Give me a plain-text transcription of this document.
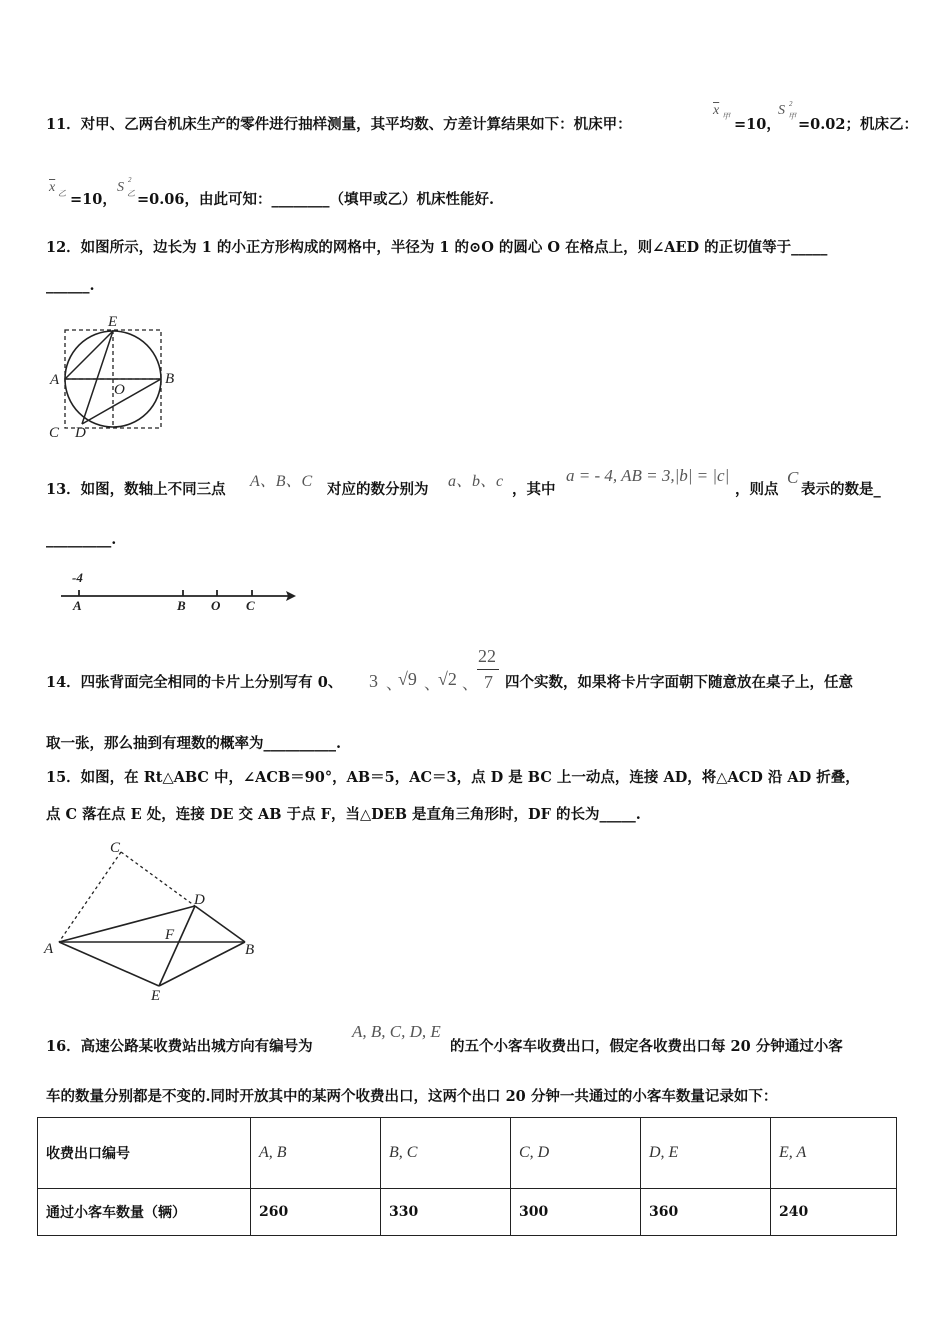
11．对甲、乙两台机床生产的零件进行抽样测量，其平均数、方差计算结果如下：机床甲：
$\overline{x}$ 甲 =10，
S 2
甲 =0.02；机床乙：
$\overline{x}$ 乙 =10，
S 2
乙 =0.06，由此可知：________（填甲或乙）机床性能好.
12．如图所示，边长为 1 的小正方形构成的网格中，半径为 1 的⊙O 的圆心 O 在格点上，则∠AED 的正切值等于_____
______.
E
A
O
B
C D
13．如图，数轴上不同三点 A、B、C 对应的数分别为 a、b、c ，其中
a = - 4, AB = 3,|b| = |c|
，则点
C
表示的数是_
_________.
-4
A	B O C
14．四张背面完全相同的卡片上分别写有 0、 3 、
√9 、
√2 、
22
7 四个实数，如果将卡片字面朝下随意放在桌子上，任意
取一张，那么抽到有理数的概率为__________.
15．如图，在 Rt△ABC 中，∠ACB＝90°，AB＝5，AC＝3，点 D 是 BC 上一动点，连接 AD，将△ACD 沿 AD 折叠，
点 C 落在点 E 处，连接 DE 交 AB 于点 F，当△DEB 是直角三角形时，DF 的长为_____.
C
D
F
A	B
E
16．高速公路某收费站出城方向有编号为
A, B, C, D, E
的五个小客车收费出口，假定各收费出口每 20 分钟通过小客
车的数量分别都是不变的.同时开放其中的某两个收费出口，这两个出口 20 分钟一共通过的小客车数量记录如下：
收费出口编号	A, B	B, C	C, D	D, E	E, A
通过小客车数量（辆）	260	330	300	360	240
